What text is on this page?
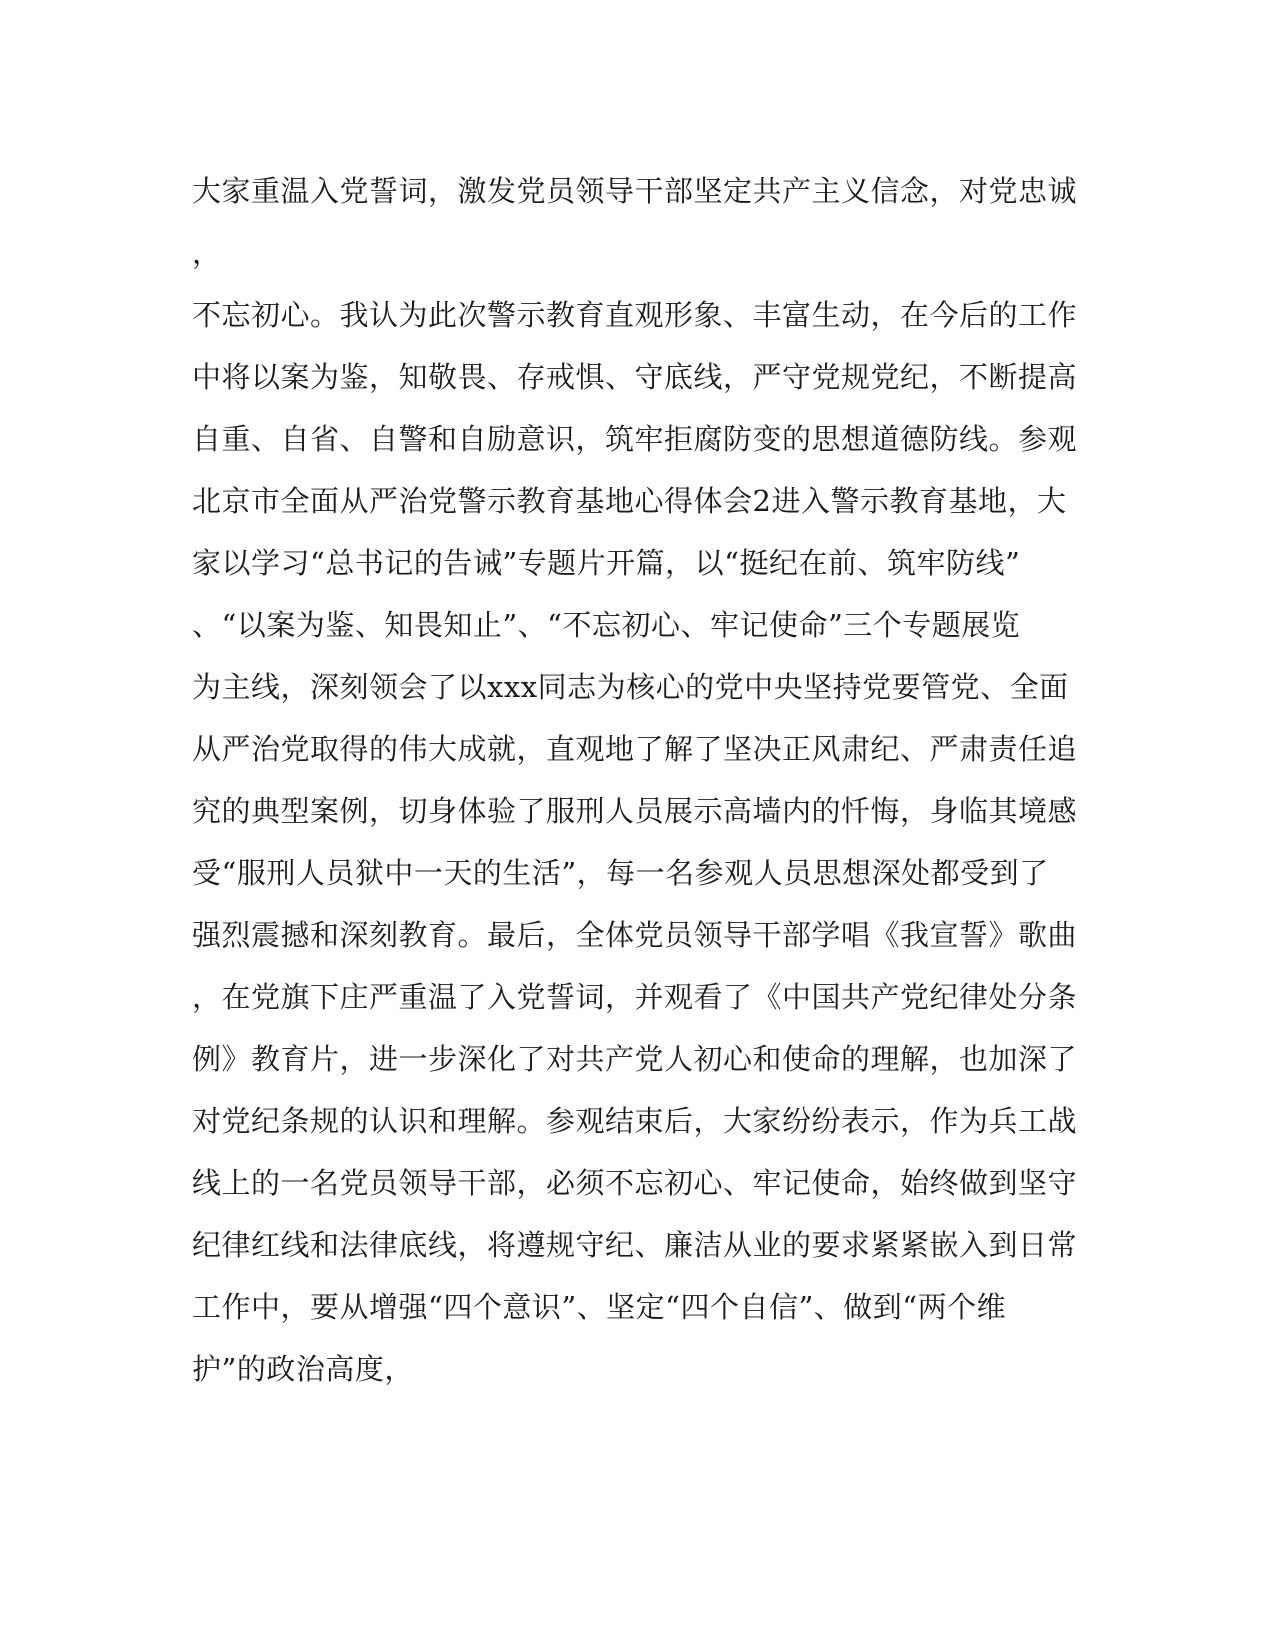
大家重温入党誓词，激发党员领导干部坚定共产主义信念，对党忠诚
，
不忘初心。我认为此次警示教育直观形象、丰富生动，在今后的工作
中将以案为鉴，知敬畏、存戒惧、守底线，严守党规党纪，不断提高
自重、自省、自警和自励意识，筑牢拒腐防变的思想道德防线。参观
北京市全面从严治党警示教育基地心得体会2进入警示教育基地，大
家以学习“总书记的告诫”专题片开篇，以“挺纪在前、筑牢防线”
、“以案为鉴、知畏知止”、“不忘初心、牢记使命”三个专题展览
为主线，深刻领会了以xxx同志为核心的党中央坚持党要管党、全面
从严治党取得的伟大成就，直观地了解了坚决正风肃纪、严肃责任追
究的典型案例，切身体验了服刑人员展示高墙内的忏悔，身临其境感
受“服刑人员狱中一天的生活”，每一名参观人员思想深处都受到了
强烈震撼和深刻教育。最后，全体党员领导干部学唱《我宣誓》歌曲
，在党旗下庄严重温了入党誓词，并观看了《中国共产党纪律处分条
例》教育片，进一步深化了对共产党人初心和使命的理解，也加深了
对党纪条规的认识和理解。参观结束后，大家纷纷表示，作为兵工战
线上的一名党员领导干部，必须不忘初心、牢记使命，始终做到坚守
纪律红线和法律底线，将遵规守纪、廉洁从业的要求紧紧嵌入到日常
工作中，要从增强“四个意识”、坚定“四个自信”、做到“两个维
护”的政治高度，
